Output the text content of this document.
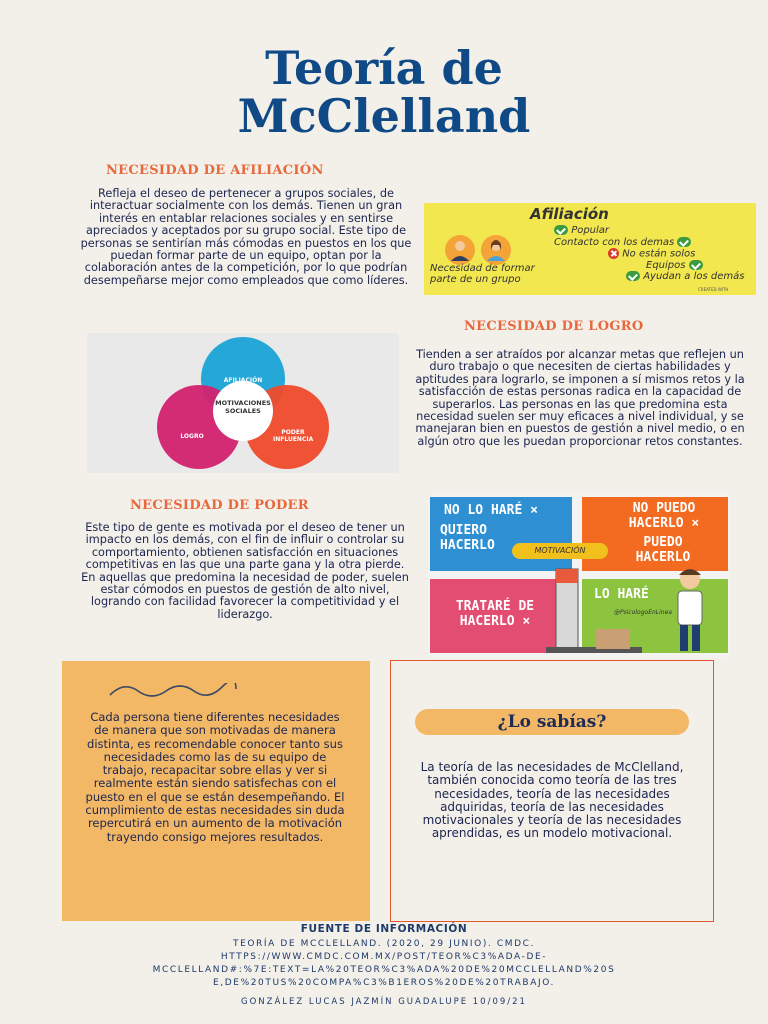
Teoría de
McClelland
NECESIDAD DE AFILIACIÓN

Refleja el deseo de pertenecer a grupos sociales, de interactuar socialmente con los demás. Tienen un gran interés en entablar relaciones sociales y en sentirse apreciados y aceptados por su grupo social. Este tipo de personas se sentirían más cómodas en puestos en los que puedan formar parte de un equipo, optan por la colaboración antes de la competición, por lo que podrían desempeñarse mejor como empleados que como líderes.

Afiliación
Necesidad de formar parte de un grupo
Popular
Contacto con los demas
No están solos
Equipos
Ayudan a los demás
CREATED WITH
NECESIDAD DE LOGRO

Tienden a ser atraídos por alcanzar metas que reflejen un duro trabajo o que necesiten de ciertas habilidades y aptitudes para lograrlo, se imponen a sí mismos retos y la satisfacción de estas personas radica en la capacidad de superarlos. Las personas en las que predomina esta necesidad suelen ser muy eficaces a nivel individual, y se manejaran bien en puestos de gestión a nivel medio, o en algún otro que les puedan proporcionar retos constantes.

MOTIVACIONES SOCIALES
AFILIACIÓN
LOGRO
PODER INFLUENCIA
NECESIDAD DE PODER

Este tipo de gente es motivada por el deseo de tener un impacto en los demás, con el fin de influir o controlar su comportamiento, obtienen satisfacción en situaciones competitivas en las que una parte gana y la otra pierde. En aquellas que predomina la necesidad de poder, suelen estar cómodos en puestos de gestión de alto nivel, logrando con facilidad favorecer la competitividad y el liderazgo.

NO LO HARÉ ×
QUIERO HACERLO
NO PUEDO HACERLO ×
PUEDO HACERLO
TRATARÉ DE HACERLO ×
LO HARÉ
MOTIVACIÓN
@PsicologoEnLinea

Cada persona tiene diferentes necesidades de manera que son motivadas de manera distinta, es recomendable conocer tanto sus necesidades como las de su equipo de trabajo, recapacitar sobre ellas y ver si realmente están siendo satisfechas con el puesto en el que se están desempeñando. El cumplimiento de estas necesidades sin duda repercutirá en un aumento de la motivación trayendo consigo mejores resultados.

¿Lo sabías?

La teoría de las necesidades de McClelland, también conocida como teoría de las tres necesidades, teoría de las necesidades adquiridas, teoría de las necesidades motivacionales y teoría de las necesidades aprendidas, es un modelo motivacional.

FUENTE DE INFORMACIÓN

TEORÍA DE MCCLELLAND. (2020, 29 JUNIO). CMDC.

HTTPS://WWW.CMDC.COM.MX/POST/TEOR%C3%ADA-DE-

MCCLELLAND#:%7E:TEXT=LA%20TEOR%C3%ADA%20DE%20MCCLELLAND%20S

E,DE%20TUS%20COMPA%C3%B1EROS%20DE%20TRABAJO.

GONZÁLEZ LUCAS JAZMÍN GUADALUPE 10/09/21
